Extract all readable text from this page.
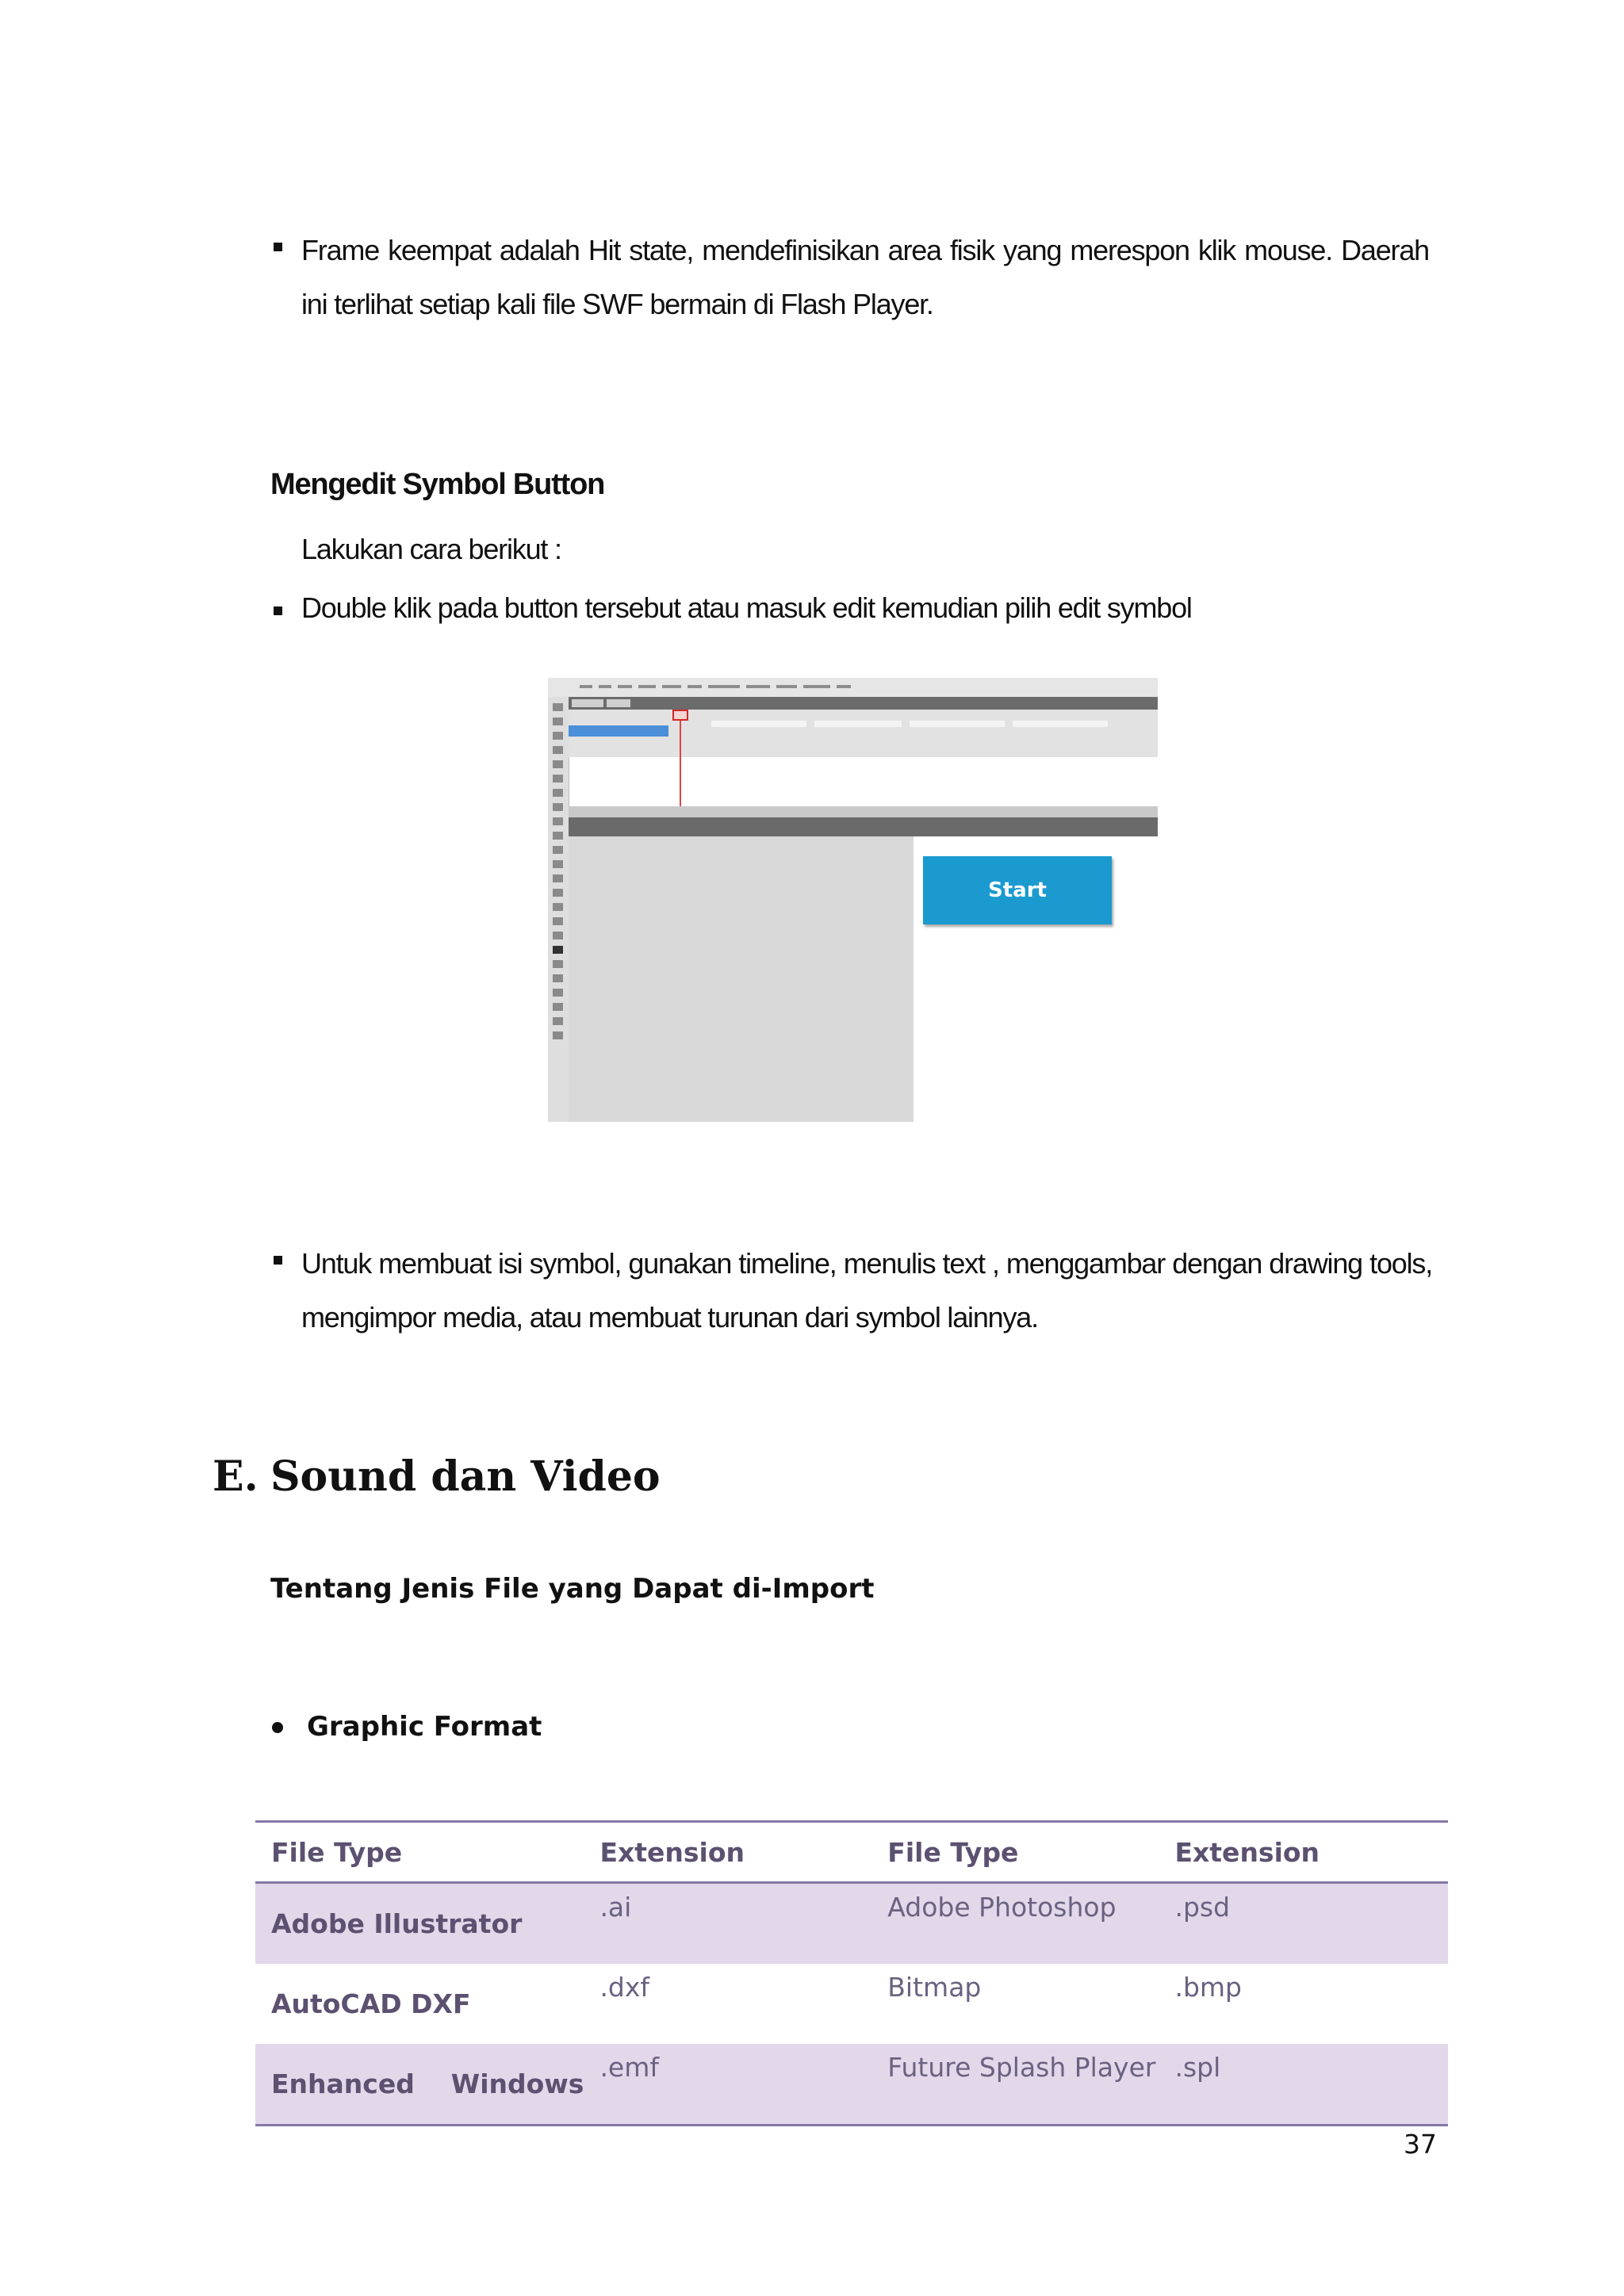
Frame keempat adalah Hit state, mendefinisikan area fisik yang merespon klik mouse. Daerah ini terlihat setiap kali file SWF bermain di Flash Player.
Mengedit Symbol Button
Lakukan cara berikut :
Double klik pada button tersebut atau masuk edit kemudian pilih edit symbol
Start
Untuk membuat isi symbol, gunakan timeline, menulis text , menggambar dengan drawing tools, mengimpor media, atau membuat turunan dari symbol lainnya.
E. Sound dan Video
Tentang Jenis File yang Dapat di-Import
Graphic Format
File Type	Extension	File Type	Extension
Adobe Illustrator	.ai	Adobe Photoshop	.psd
AutoCAD DXF	.dxf	Bitmap	.bmp
Enhanced    Windows	.emf	Future Splash Player	.spl
37
